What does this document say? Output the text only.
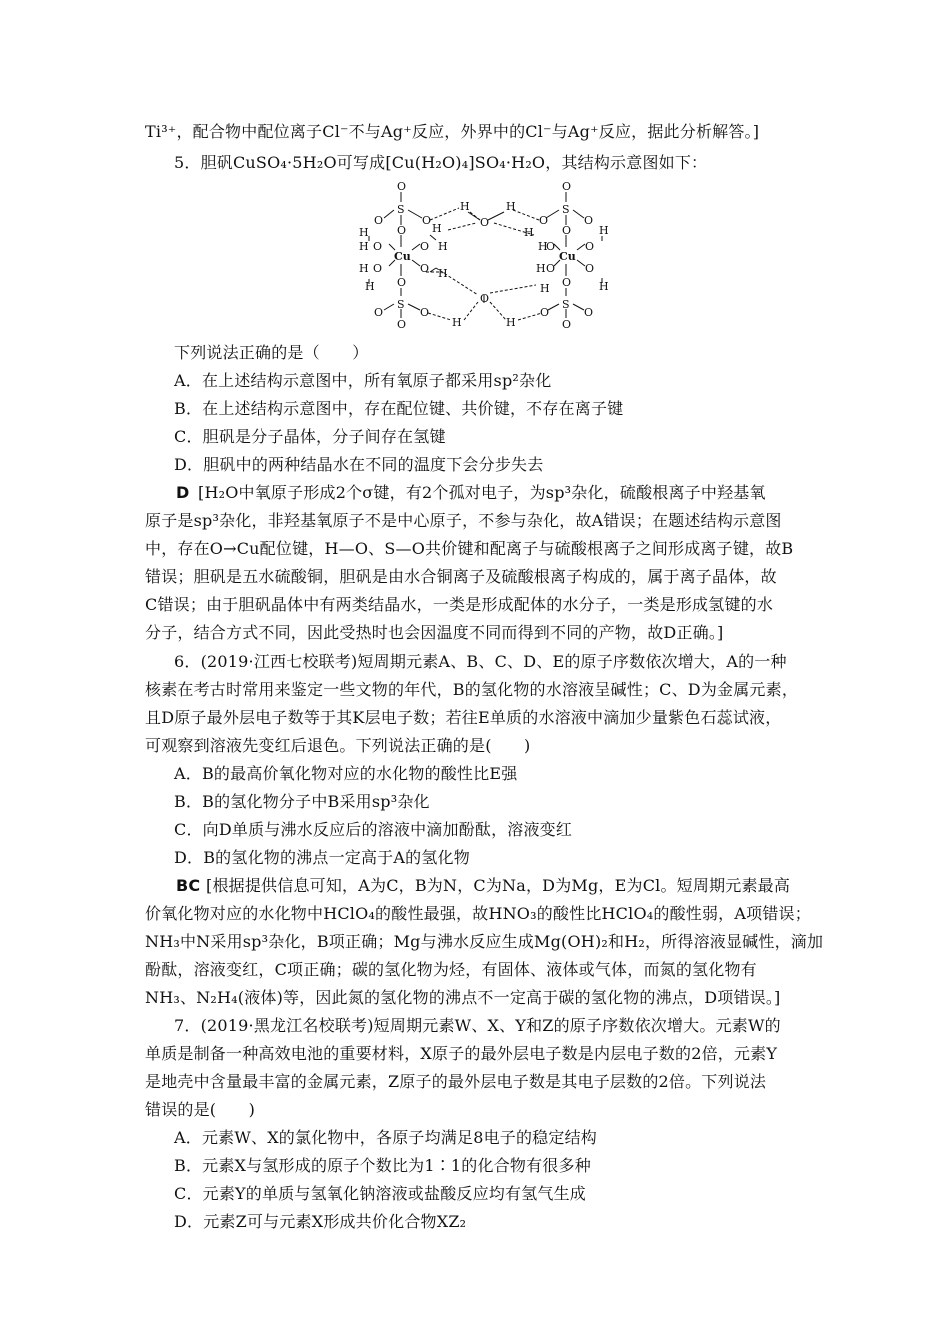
Ti³⁺，配合物中配位离子Cl⁻不与Ag⁺反应，外界中的Cl⁻与Ag⁺反应，据此分析解答。]
5．胆矾CuSO₄·5H₂O可写成[Cu(H₂O)₄]SO₄·H₂O，其结构示意图如下：
O
S
O
O	O
H
H O
H O
H
Cu
O H
H
O H
O
S
O
O	O
H
H
O
H
O
H
O
S
O
O	O
H
H
O
H O
Cu
O
H
O
H
H O
S
O
O	O
下列说法正确的是（　　）
A．在上述结构示意图中，所有氧原子都采用sp²杂化
B．在上述结构示意图中，存在配位键、共价键，不存在离子键
C．胆矾是分子晶体，分子间存在氢键
D．胆矾中的两种结晶水在不同的温度下会分步失去
D [H₂O中氧原子形成2个σ键，有2个孤对电子，为sp³杂化，硫酸根离子中羟基氧
原子是sp³杂化，非羟基氧原子不是中心原子，不参与杂化，故A错误；在题述结构示意图
中，存在O→Cu配位键，H—O、S—O共价键和配离子与硫酸根离子之间形成离子键，故B
错误；胆矾是五水硫酸铜，胆矾是由水合铜离子及硫酸根离子构成的，属于离子晶体，故
C错误；由于胆矾晶体中有两类结晶水，一类是形成配体的水分子，一类是形成氢键的水
分子，结合方式不同，因此受热时也会因温度不同而得到不同的产物，故D正确。]
6．(2019·江西七校联考)短周期元素A、B、C、D、E的原子序数依次增大，A的一种
核素在考古时常用来鉴定一些文物的年代，B的氢化物的水溶液呈碱性；C、D为金属元素，
且D原子最外层电子数等于其K层电子数；若往E单质的水溶液中滴加少量紫色石蕊试液，
可观察到溶液先变红后退色。下列说法正确的是(　　)
A．B的最高价氧化物对应的水化物的酸性比E强
B．B的氢化物分子中B采用sp³杂化
C．向D单质与沸水反应后的溶液中滴加酚酞，溶液变红
D．B的氢化物的沸点一定高于A的氢化物
BC [根据提供信息可知，A为C，B为N，C为Na，D为Mg，E为Cl。短周期元素最高
价氧化物对应的水化物中HClO₄的酸性最强，故HNO₃的酸性比HClO₄的酸性弱，A项错误；
NH₃中N采用sp³杂化，B项正确；Mg与沸水反应生成Mg(OH)₂和H₂，所得溶液显碱性，滴加
酚酞，溶液变红，C项正确；碳的氢化物为烃，有固体、液体或气体，而氮的氢化物有
NH₃、N₂H₄(液体)等，因此氮的氢化物的沸点不一定高于碳的氢化物的沸点，D项错误。]
7．(2019·黑龙江名校联考)短周期元素W、X、Y和Z的原子序数依次增大。元素W的
单质是制备一种高效电池的重要材料，X原子的最外层电子数是内层电子数的2倍，元素Y
是地壳中含量最丰富的金属元素，Z原子的最外层电子数是其电子层数的2倍。下列说法
错误的是(　　)
A．元素W、X的氯化物中，各原子均满足8电子的稳定结构
B．元素X与氢形成的原子个数比为1∶1的化合物有很多种
C．元素Y的单质与氢氧化钠溶液或盐酸反应均有氢气生成
D．元素Z可与元素X形成共价化合物XZ₂
